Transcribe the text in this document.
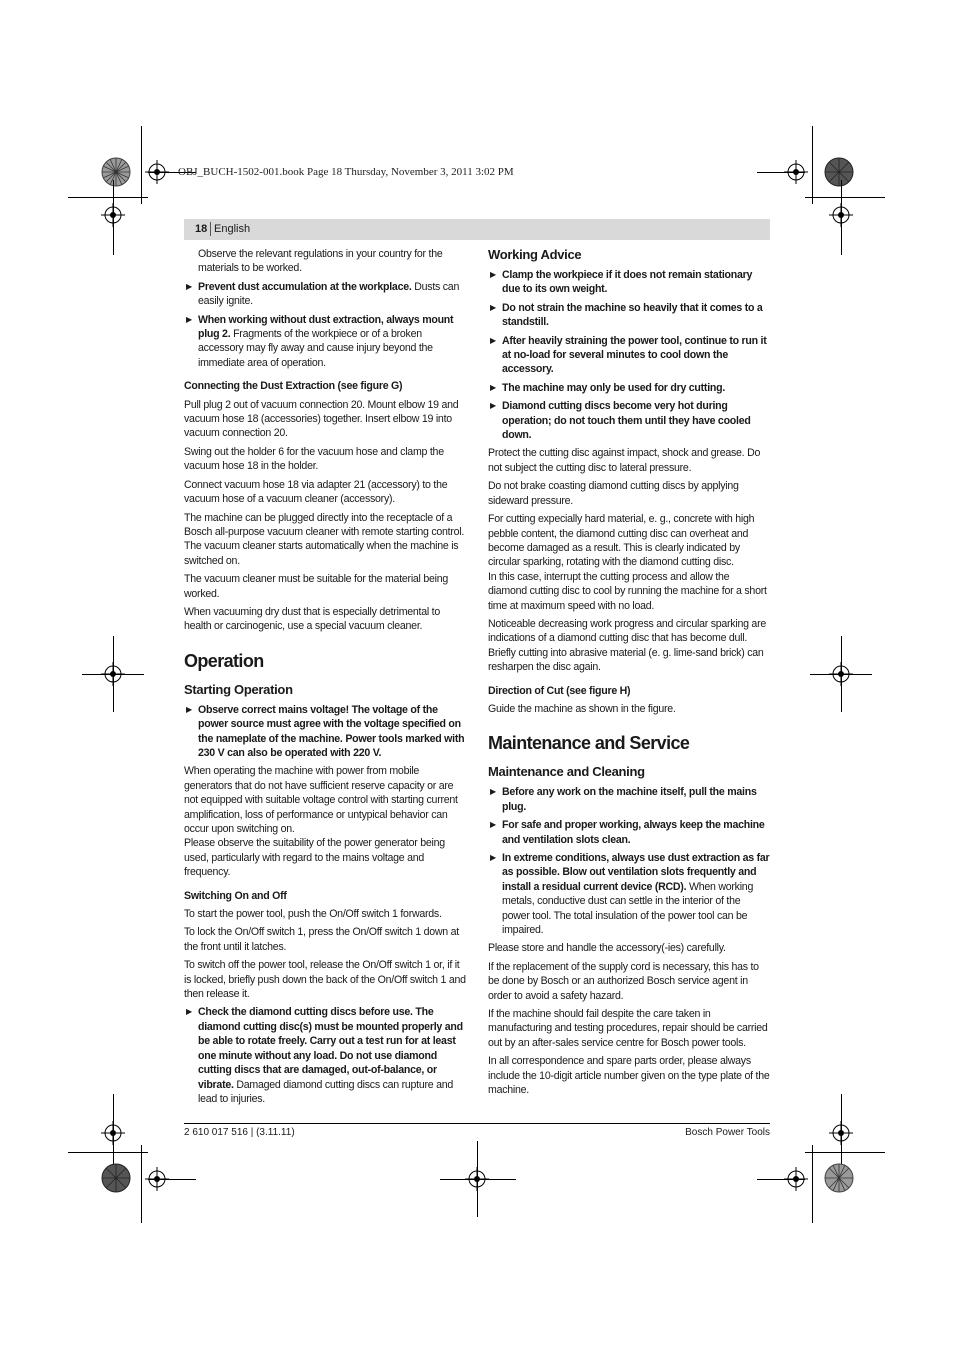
OBJ_BUCH-1502-001.book Page 18 Thursday, November 3, 2011 3:02 PM
18 English

Observe the relevant regulations in your country for the materials to be worked.

▶ Prevent dust accumulation at the workplace. Dusts can easily ignite.

▶ When working without dust extraction, always mount plug 2. Fragments of the workpiece or of a broken accessory may fly away and cause injury beyond the immediate area of operation.

Connecting the Dust Extraction (see figure G)

Pull plug 2 out of vacuum connection 20. Mount elbow 19 and vacuum hose 18 (accessories) together. Insert elbow 19 into vacuum connection 20.

Swing out the holder 6 for the vacuum hose and clamp the vacuum hose 18 in the holder.

Connect vacuum hose 18 via adapter 21 (accessory) to the vacuum hose of a vacuum cleaner (accessory).

The machine can be plugged directly into the receptacle of a Bosch all-purpose vacuum cleaner with remote starting control. The vacuum cleaner starts automatically when the machine is switched on.

The vacuum cleaner must be suitable for the material being worked.

When vacuuming dry dust that is especially detrimental to health or carcinogenic, use a special vacuum cleaner.

Operation
Starting Operation

▶ Observe correct mains voltage! The voltage of the power source must agree with the voltage specified on the nameplate of the machine. Power tools marked with 230 V can also be operated with 220 V.

When operating the machine with power from mobile generators that do not have sufficient reserve capacity or are not equipped with suitable voltage control with starting current amplification, loss of performance or untypical behavior can occur upon switching on.

Please observe the suitability of the power generator being used, particularly with regard to the mains voltage and frequency.

Switching On and Off

To start the power tool, push the On/Off switch 1 forwards.

To lock the On/Off switch 1, press the On/Off switch 1 down at the front until it latches.

To switch off the power tool, release the On/Off switch 1 or, if it is locked, briefly push down the back of the On/Off switch 1 and then release it.

▶ Check the diamond cutting discs before use. The diamond cutting disc(s) must be mounted properly and be able to rotate freely. Carry out a test run for at least one minute without any load. Do not use diamond cutting discs that are damaged, out-of-balance, or vibrate. Damaged diamond cutting discs can rupture and lead to injuries.

Working Advice

▶ Clamp the workpiece if it does not remain stationary due to its own weight.

▶ Do not strain the machine so heavily that it comes to a standstill.

▶ After heavily straining the power tool, continue to run it at no-load for several minutes to cool down the accessory.

▶ The machine may only be used for dry cutting.

▶ Diamond cutting discs become very hot during operation; do not touch them until they have cooled down.

Protect the cutting disc against impact, shock and grease. Do not subject the cutting disc to lateral pressure.

Do not brake coasting diamond cutting discs by applying sideward pressure.

For cutting expecially hard material, e. g., concrete with high pebble content, the diamond cutting disc can overheat and become damaged as a result. This is clearly indicated by circular sparking, rotating with the diamond cutting disc.

In this case, interrupt the cutting process and allow the diamond cutting disc to cool by running the machine for a short time at maximum speed with no load.

Noticeable decreasing work progress and circular sparking are indications of a diamond cutting disc that has become dull. Briefly cutting into abrasive material (e. g. lime-sand brick) can resharpen the disc again.

Direction of Cut (see figure H)

Guide the machine as shown in the figure.

Maintenance and Service
Maintenance and Cleaning

▶ Before any work on the machine itself, pull the mains plug.

▶ For safe and proper working, always keep the machine and ventilation slots clean.

▶ In extreme conditions, always use dust extraction as far as possible. Blow out ventilation slots frequently and install a residual current device (RCD). When working metals, conductive dust can settle in the interior of the power tool. The total insulation of the power tool can be impaired.

Please store and handle the accessory(-ies) carefully.

If the replacement of the supply cord is necessary, this has to be done by Bosch or an authorized Bosch service agent in order to avoid a safety hazard.

If the machine should fail despite the care taken in manufacturing and testing procedures, repair should be carried out by an after-sales service centre for Bosch power tools.

In all correspondence and spare parts order, please always include the 10-digit article number given on the type plate of the machine.

2 610 017 516 | (3.11.11)	Bosch Power Tools
